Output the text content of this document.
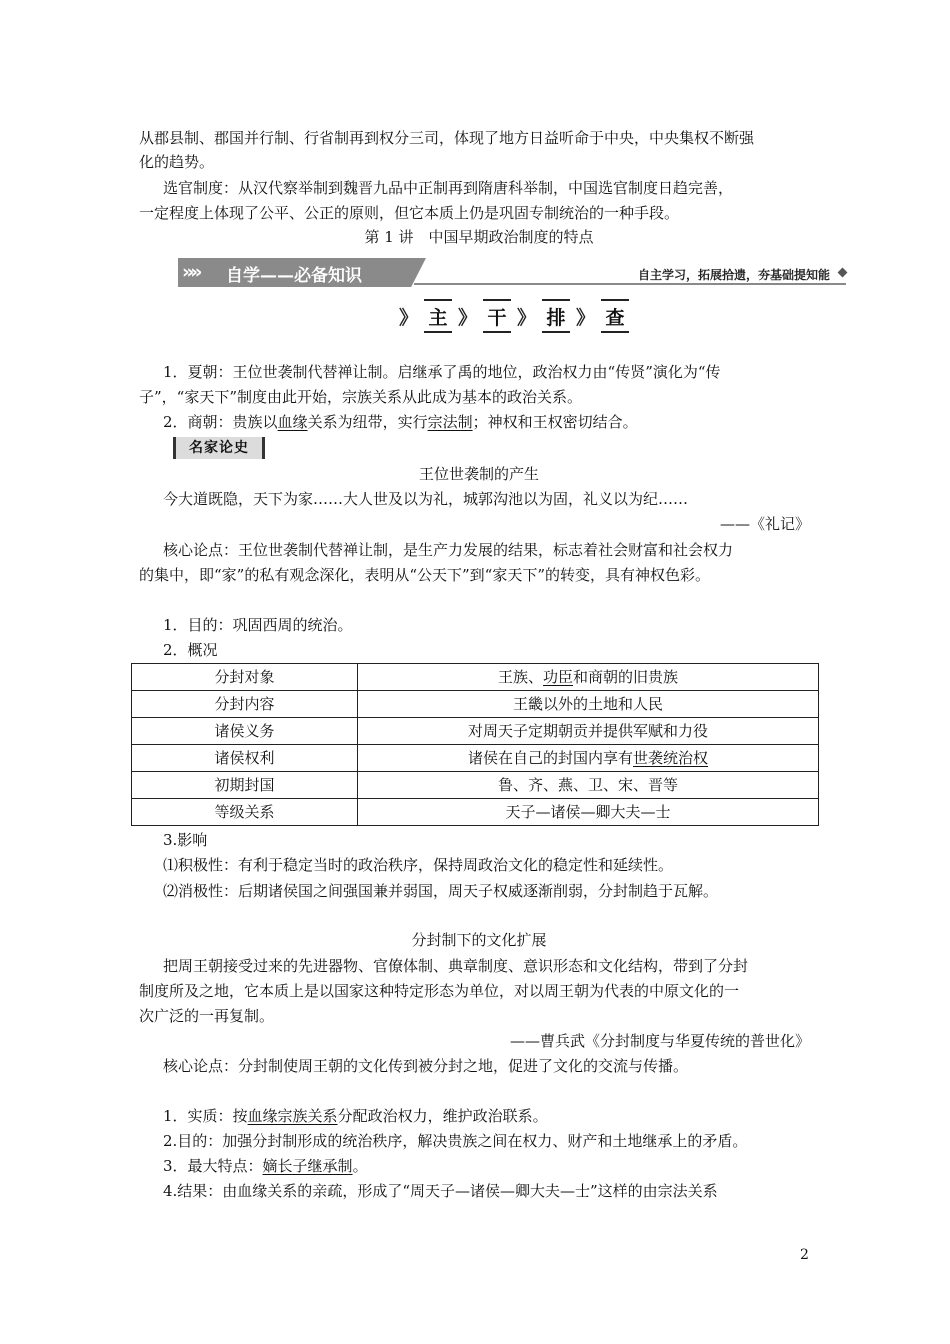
从郡县制、郡国并行制、行省制再到权分三司，体现了地方日益听命于中央，中央集权不断强
化的趋势。
选官制度：从汉代察举制到魏晋九品中正制再到隋唐科举制，中国选官制度日趋完善，
一定程度上体现了公平、公正的原则，但它本质上仍是巩固专制统治的一种手段。
第 1 讲　中国早期政治制度的特点
»» 自学——必备知识	自主学习，拓展拾遗，夯基础提知能
》 主 》 干 》 排 》 查
1．夏朝：王位世袭制代替禅让制。启继承了禹的地位，政治权力由“传贤”演化为“传
子”，“家天下”制度由此开始，宗族关系从此成为基本的政治关系。
2．商朝：贵族以血缘关系为纽带，实行宗法制；神权和王权密切结合。
名家论史
王位世袭制的产生
今大道既隐，天下为家……大人世及以为礼，城郭沟池以为固，礼义以为纪……
——《礼记》
核心论点：王位世袭制代替禅让制，是生产力发展的结果，标志着社会财富和社会权力
的集中，即“家”的私有观念深化，表明从“公天下”到“家天下”的转变，具有神权色彩。
1．目的：巩固西周的统治。
2．概况
分封对象	王族、功臣和商朝的旧贵族
分封内容	王畿以外的土地和人民
诸侯义务	对周天子定期朝贡并提供军赋和力役
诸侯权利	诸侯在自己的封国内享有世袭统治权
初期封国	鲁、齐、燕、卫、宋、晋等
等级关系	天子—诸侯—卿大夫—士
3.影响
⑴积极性：有利于稳定当时的政治秩序，保持周政治文化的稳定性和延续性。
⑵消极性：后期诸侯国之间强国兼并弱国，周天子权威逐渐削弱，分封制趋于瓦解。
分封制下的文化扩展
把周王朝接受过来的先进器物、官僚体制、典章制度、意识形态和文化结构，带到了分封
制度所及之地，它本质上是以国家这种特定形态为单位，对以周王朝为代表的中原文化的一
次广泛的一再复制。
——曹兵武《分封制度与华夏传统的普世化》
核心论点：分封制使周王朝的文化传到被分封之地，促进了文化的交流与传播。
1．实质：按血缘宗族关系分配政治权力，维护政治联系。
2.目的：加强分封制形成的统治秩序，解决贵族之间在权力、财产和土地继承上的矛盾。
3．最大特点：嫡长子继承制。
4.结果：由血缘关系的亲疏，形成了“周天子—诸侯—卿大夫—士”这样的由宗法关系
2
